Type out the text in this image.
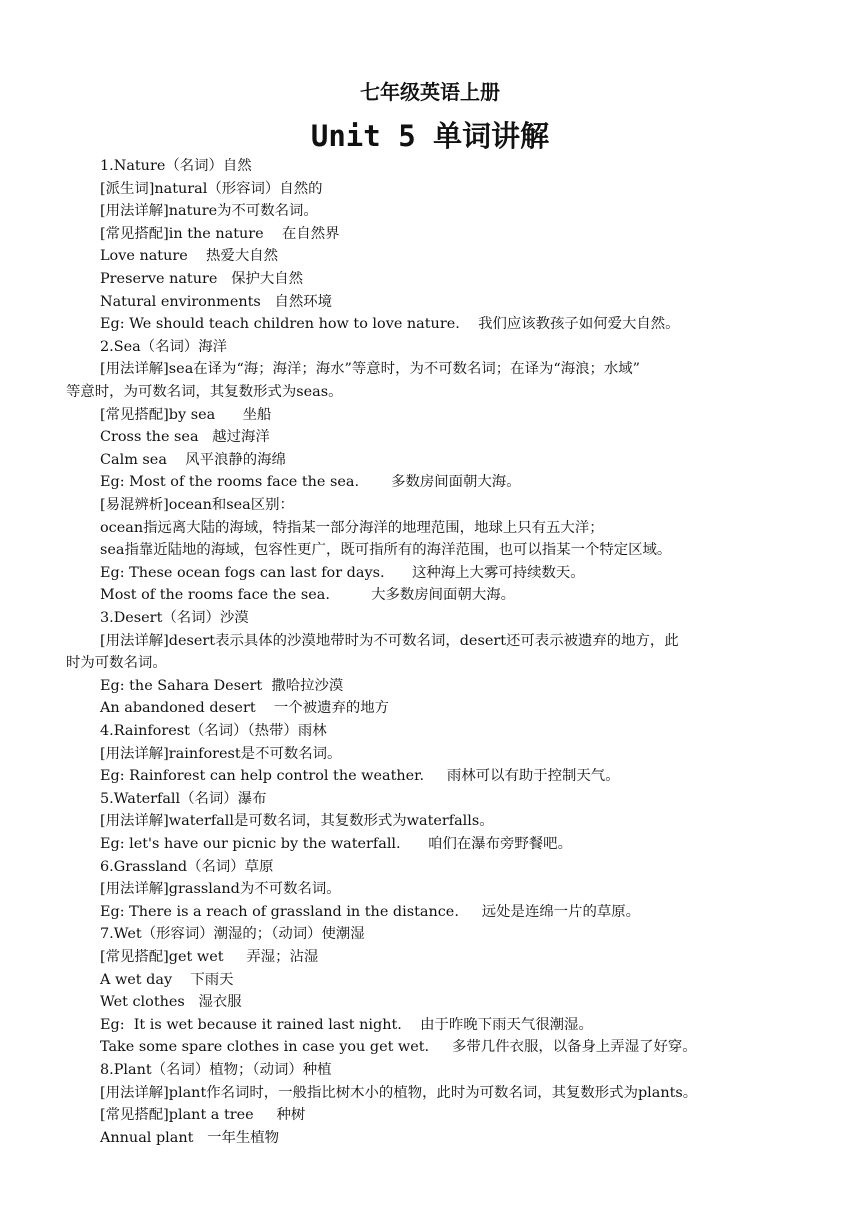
七年级英语上册
Unit 5 单词讲解
1.Nature（名词）自然
[派生词]natural（形容词）自然的
[用法详解]nature为不可数名词。
[常见搭配]in the nature    在自然界
Love nature    热爱大自然
Preserve nature   保护大自然
Natural environments   自然环境
Eg: We should teach children how to love nature.    我们应该教孩子如何爱大自然。
2.Sea（名词）海洋
[用法详解]sea在译为“海；海洋；海水”等意时，为不可数名词；在译为“海浪；水域”
等意时，为可数名词，其复数形式为seas。
[常见搭配]by sea      坐船
Cross the sea   越过海洋
Calm sea    风平浪静的海绵
Eg: Most of the rooms face the sea.       多数房间面朝大海。
[易混辨析]ocean和sea区别：
ocean指远离大陆的海域，特指某一部分海洋的地理范围，地球上只有五大洋；
sea指靠近陆地的海域，包容性更广，既可指所有的海洋范围，也可以指某一个特定区域。
Eg: These ocean fogs can last for days.      这种海上大雾可持续数天。
Most of the rooms face the sea.         大多数房间面朝大海。
3.Desert（名词）沙漠
[用法详解]desert表示具体的沙漠地带时为不可数名词，desert还可表示被遗弃的地方，此
时为可数名词。
Eg: the Sahara Desert  撒哈拉沙漠
An abandoned desert    一个被遗弃的地方
4.Rainforest（名词）（热带）雨林
[用法详解]rainforest是不可数名词。
Eg: Rainforest can help control the weather.     雨林可以有助于控制天气。
5.Waterfall（名词）瀑布
[用法详解]waterfall是可数名词，其复数形式为waterfalls。
Eg: let's have our picnic by the waterfall.      咱们在瀑布旁野餐吧。
6.Grassland（名词）草原
[用法详解]grassland为不可数名词。
Eg: There is a reach of grassland in the distance.     远处是连绵一片的草原。
7.Wet（形容词）潮湿的；（动词）使潮湿
[常见搭配]get wet     弄湿；沾湿
A wet day    下雨天
Wet clothes   湿衣服
Eg:  It is wet because it rained last night.    由于昨晚下雨天气很潮湿。
Take some spare clothes in case you get wet.     多带几件衣服，以备身上弄湿了好穿。
8.Plant（名词）植物；（动词）种植
[用法详解]plant作名词时，一般指比树木小的植物，此时为可数名词，其复数形式为plants。
[常见搭配]plant a tree     种树
Annual plant   一年生植物
